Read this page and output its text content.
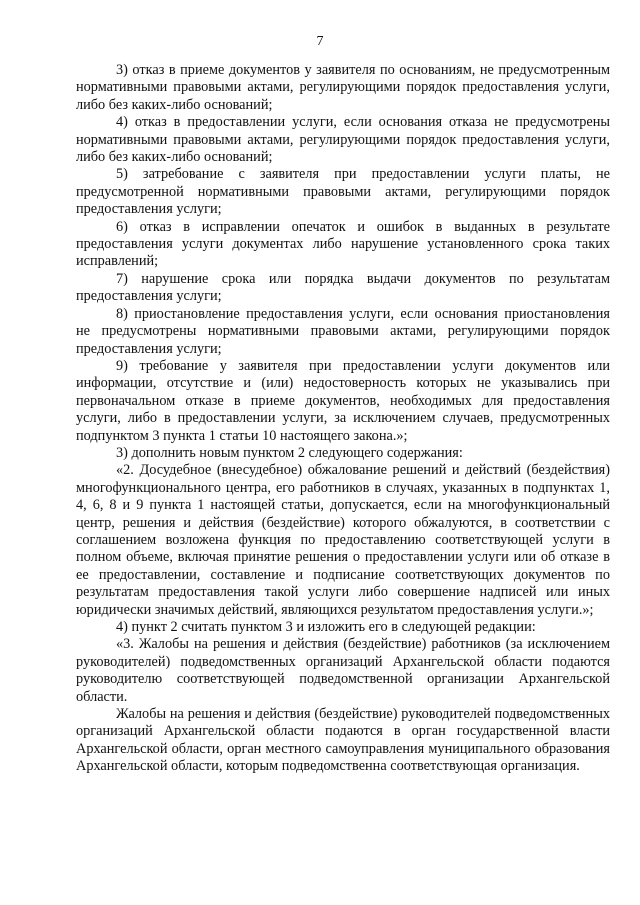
7

3) отказ в приеме документов у заявителя по основаниям, не предусмотренным нормативными правовыми актами, регулирующими порядок предоставления услуги, либо без каких-либо оснований;

4) отказ в предоставлении услуги, если основания отказа не предусмотрены нормативными правовыми актами, регулирующими порядок предоставления услуги, либо без каких-либо оснований;

5) затребование с заявителя при предоставлении услуги платы, не предусмотренной нормативными правовыми актами, регулирующими порядок предоставления услуги;

6) отказ в исправлении опечаток и ошибок в выданных в результате предоставления услуги документах либо нарушение установленного срока таких исправлений;

7) нарушение срока или порядка выдачи документов по результатам предоставления услуги;

8) приостановление предоставления услуги, если основания приостановления не предусмотрены нормативными правовыми актами, регулирующими порядок предоставления услуги;

9) требование у заявителя при предоставлении услуги документов или информации, отсутствие и (или) недостоверность которых не указывались при первоначальном отказе в приеме документов, необходимых для предоставления услуги, либо в предоставлении услуги, за исключением случаев, предусмотренных подпунктом 3 пункта 1 статьи 10 настоящего закона.»;

3) дополнить новым пунктом 2 следующего содержания:

«2. Досудебное (внесудебное) обжалование решений и действий (бездействия) многофункционального центра, его работников в случаях, указанных в подпунктах 1, 4, 6, 8 и 9 пункта 1 настоящей статьи, допускается, если на многофункциональный центр, решения и действия (бездействие) которого обжалуются, в соответствии с соглашением возложена функция по предоставлению соответствующей услуги в полном объеме, включая принятие решения о предоставлении услуги или об отказе в ее предоставлении, составление и подписание соответствующих документов по результатам предоставления такой услуги либо совершение надписей или иных юридически значимых действий, являющихся результатом предоставления услуги.»;

4) пункт 2 считать пунктом 3 и изложить его в следующей редакции:

«3. Жалобы на решения и действия (бездействие) работников (за исключением руководителей) подведомственных организаций Архангельской области подаются руководителю соответствующей подведомственной организации Архангельской области.

Жалобы на решения и действия (бездействие) руководителей подведомственных организаций Архангельской области подаются в орган государственной власти Архангельской области, орган местного самоуправления муниципального образования Архангельской области, которым подведомственна соответствующая организация.
